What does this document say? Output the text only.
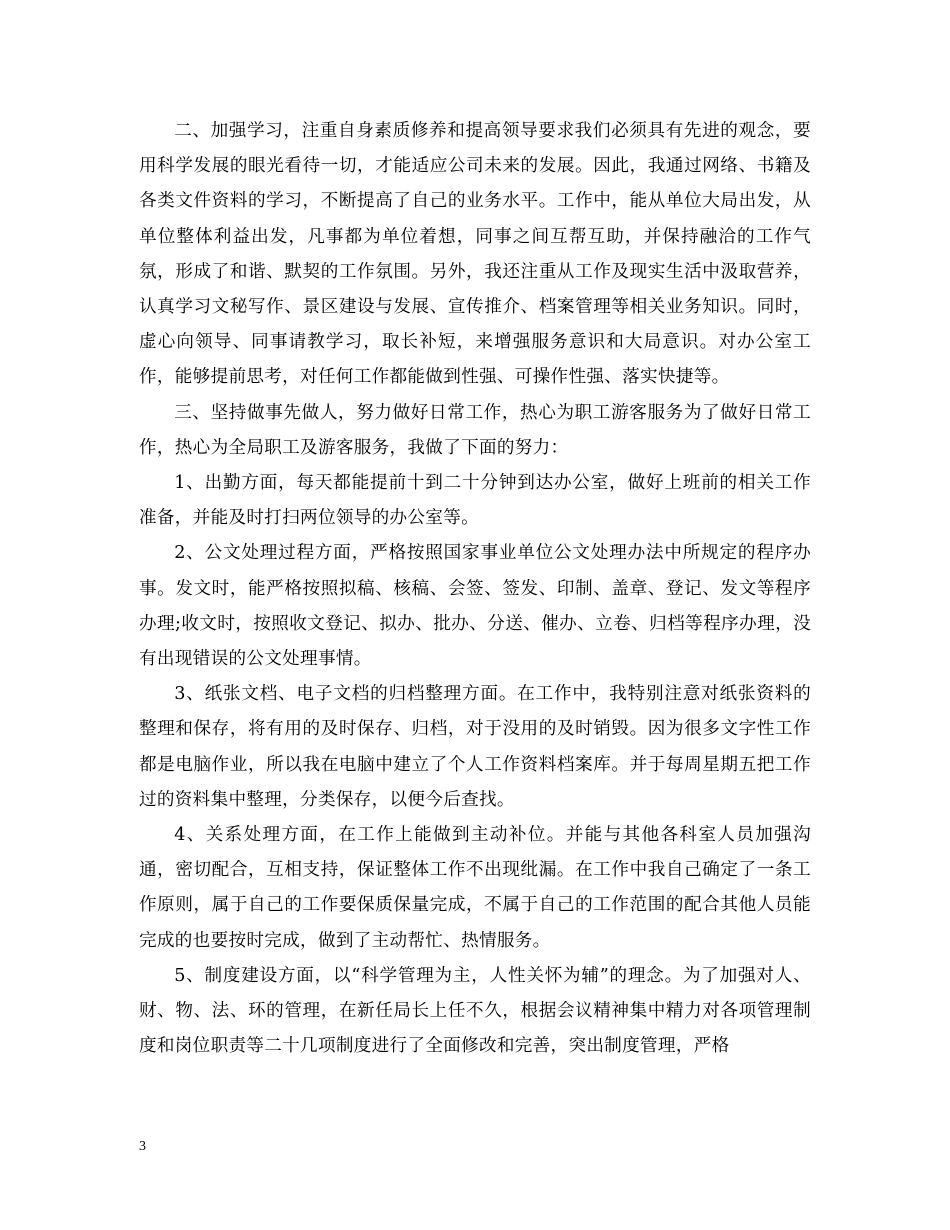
二、加强学习，注重自身素质修养和提高领导要求我们必须具有先进的观念，要用科学发展的眼光看待一切，才能适应公司未来的发展。因此，我通过网络、书籍及各类文件资料的学习，不断提高了自己的业务水平。工作中，能从单位大局出发，从单位整体利益出发，凡事都为单位着想，同事之间互帮互助，并保持融洽的工作气氛，形成了和谐、默契的工作氛围。另外，我还注重从工作及现实生活中汲取营养，认真学习文秘写作、景区建设与发展、宣传推介、档案管理等相关业务知识。同时，虚心向领导、同事请教学习，取长补短，来增强服务意识和大局意识。对办公室工作，能够提前思考，对任何工作都能做到性强、可操作性强、落实快捷等。

三、坚持做事先做人，努力做好日常工作，热心为职工游客服务为了做好日常工作，热心为全局职工及游客服务，我做了下面的努力：

1、出勤方面，每天都能提前十到二十分钟到达办公室，做好上班前的相关工作准备，并能及时打扫两位领导的办公室等。

2、公文处理过程方面，严格按照国家事业单位公文处理办法中所规定的程序办事。发文时，能严格按照拟稿、核稿、会签、签发、印制、盖章、登记、发文等程序办理;收文时，按照收文登记、拟办、批办、分送、催办、立卷、归档等程序办理，没有出现错误的公文处理事情。

3、纸张文档、电子文档的归档整理方面。在工作中，我特别注意对纸张资料的整理和保存，将有用的及时保存、归档，对于没用的及时销毁。因为很多文字性工作都是电脑作业，所以我在电脑中建立了个人工作资料档案库。并于每周星期五把工作过的资料集中整理，分类保存，以便今后查找。

4、关系处理方面，在工作上能做到主动补位。并能与其他各科室人员加强沟通，密切配合，互相支持，保证整体工作不出现纰漏。在工作中我自己确定了一条工作原则，属于自己的工作要保质保量完成，不属于自己的工作范围的配合其他人员能完成的也要按时完成，做到了主动帮忙、热情服务。

5、制度建设方面，以“科学管理为主，人性关怀为辅”的理念。为了加强对人、财、物、法、环的管理，在新任局长上任不久，根据会议精神集中精力对各项管理制度和岗位职责等二十几项制度进行了全面修改和完善，突出制度管理，严格

3
